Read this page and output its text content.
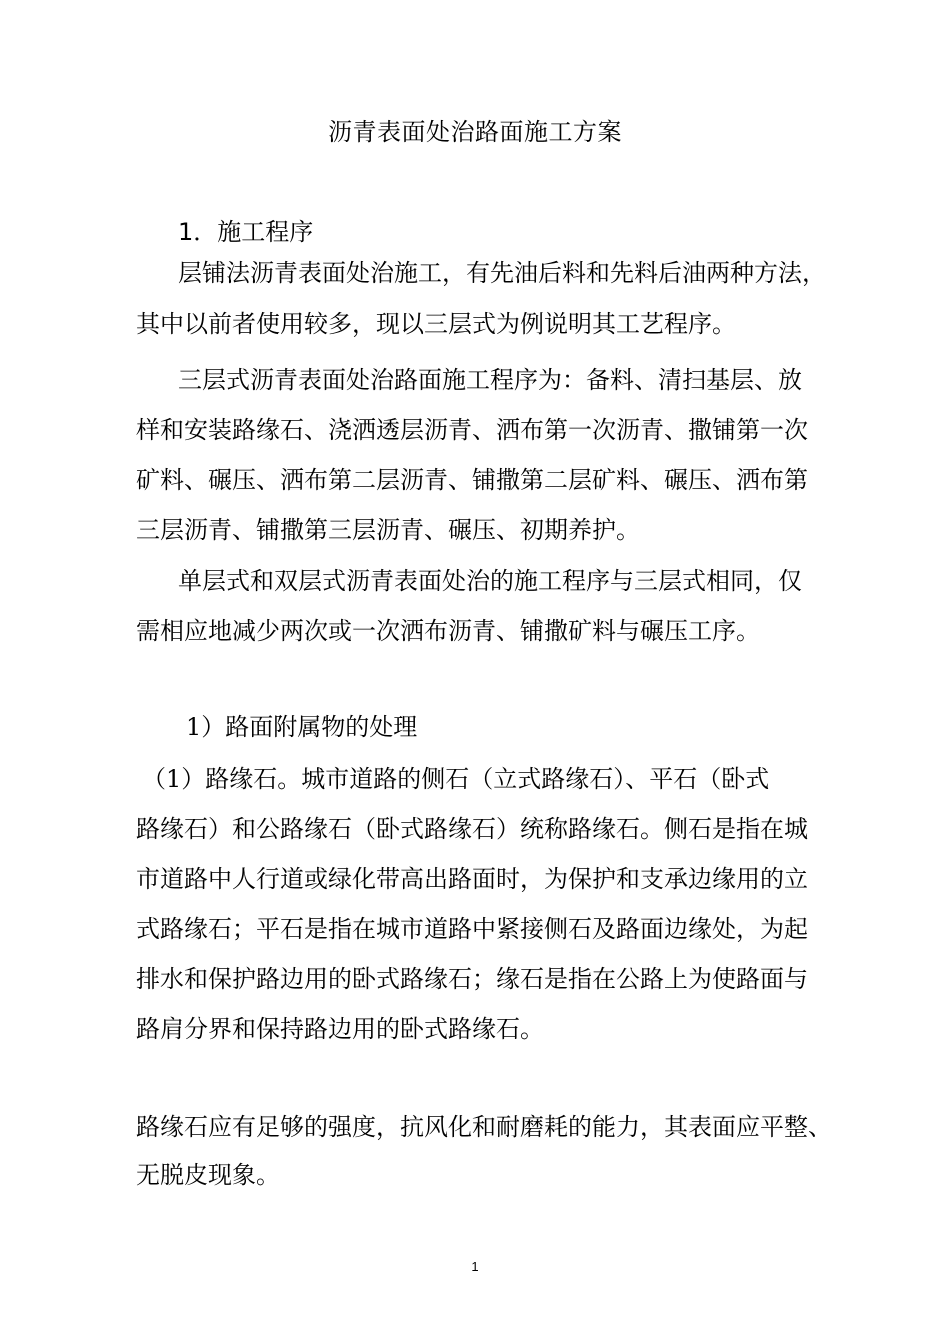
沥青表面处治路面施工方案
1．施工程序
层铺法沥青表面处治施工，有先油后料和先料后油两种方法，
其中以前者使用较多，现以三层式为例说明其工艺程序。
三层式沥青表面处治路面施工程序为：备料、清扫基层、放
样和安装路缘石、浇洒透层沥青、洒布第一次沥青、撒铺第一次
矿料、碾压、洒布第二层沥青、铺撒第二层矿料、碾压、洒布第
三层沥青、铺撒第三层沥青、碾压、初期养护。
单层式和双层式沥青表面处治的施工程序与三层式相同，仅
需相应地减少两次或一次洒布沥青、铺撒矿料与碾压工序。
1）路面附属物的处理
（1）路缘石。城市道路的侧石（立式路缘石）、平石（卧式
路缘石）和公路缘石（卧式路缘石）统称路缘石。侧石是指在城
市道路中人行道或绿化带高出路面时，为保护和支承边缘用的立
式路缘石；平石是指在城市道路中紧接侧石及路面边缘处，为起
排水和保护路边用的卧式路缘石；缘石是指在公路上为使路面与
路肩分界和保持路边用的卧式路缘石。
路缘石应有足够的强度，抗风化和耐磨耗的能力，其表面应平整、
无脱皮现象。
1
